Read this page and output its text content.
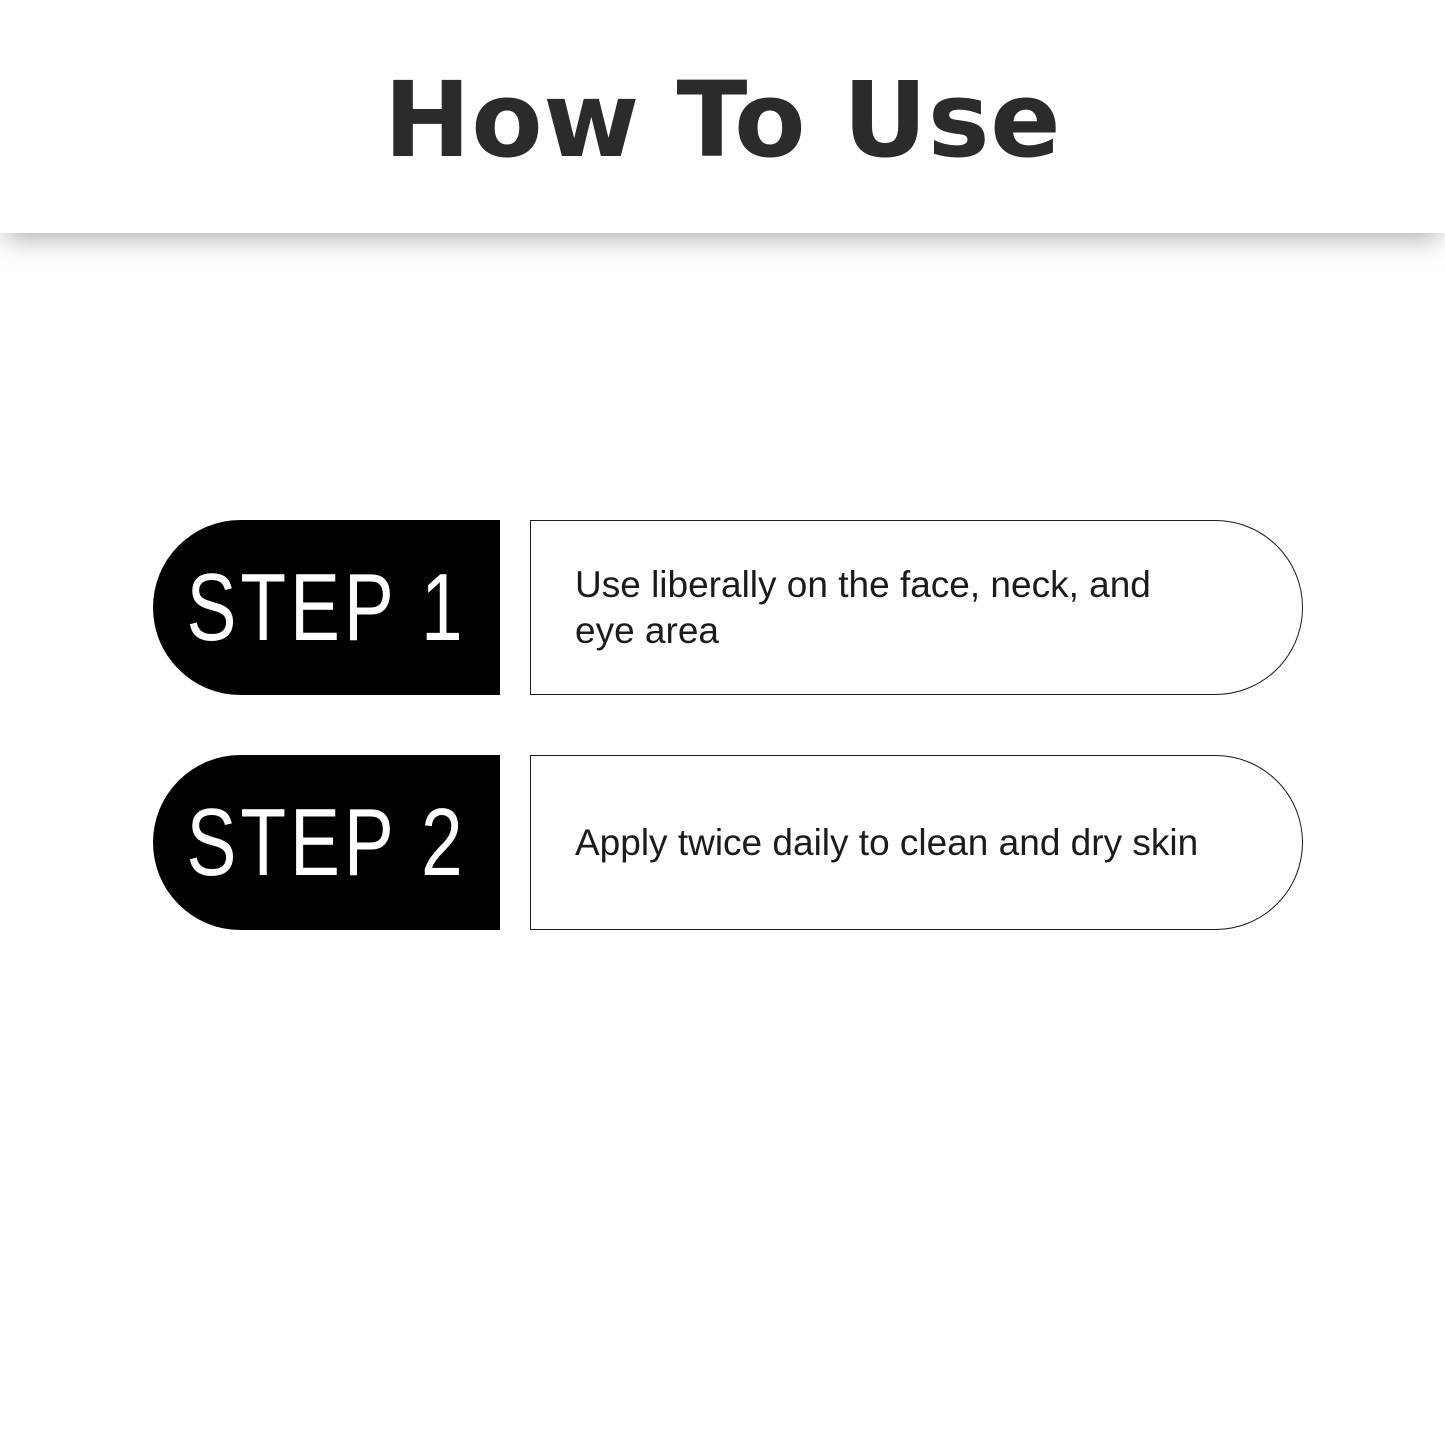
How To Use
STEP 1	Use liberally on the face, neck, and eye area
STEP 2	Apply twice daily to clean and dry skin
